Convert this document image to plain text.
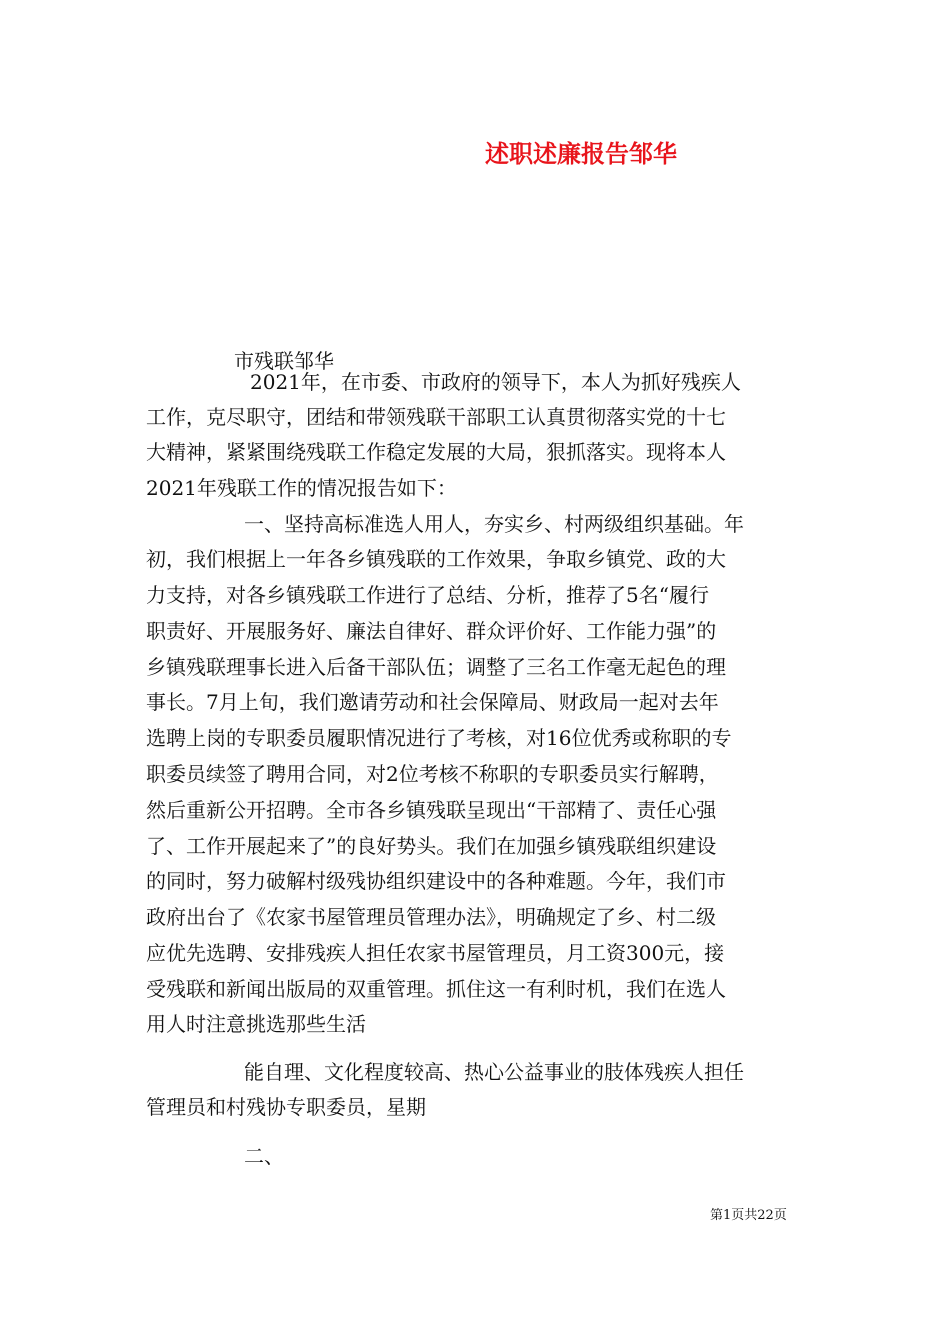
述职述廉报告邹华
市残联邹华
2021年，在市委、市政府的领导下，本人为抓好残疾人
工作，克尽职守，团结和带领残联干部职工认真贯彻落实党的十七
大精神，紧紧围绕残联工作稳定发展的大局，狠抓落实。现将本人
2021年残联工作的情况报告如下：
一、坚持高标准选人用人，夯实乡、村两级组织基础。年
初，我们根据上一年各乡镇残联的工作效果，争取乡镇党、政的大
力支持，对各乡镇残联工作进行了总结、分析，推荐了5名“履行
职责好、开展服务好、廉法自律好、群众评价好、工作能力强”的
乡镇残联理事长进入后备干部队伍；调整了三名工作毫无起色的理
事长。7月上旬，我们邀请劳动和社会保障局、财政局一起对去年
选聘上岗的专职委员履职情况进行了考核，对16位优秀或称职的专
职委员续签了聘用合同，对2位考核不称职的专职委员实行解聘，
然后重新公开招聘。全市各乡镇残联呈现出“干部精了、责任心强
了、工作开展起来了”的良好势头。我们在加强乡镇残联组织建设
的同时，努力破解村级残协组织建设中的各种难题。今年，我们市
政府出台了《农家书屋管理员管理办法》，明确规定了乡、村二级
应优先选聘、安排残疾人担任农家书屋管理员，月工资300元，接
受残联和新闻出版局的双重管理。抓住这一有利时机，我们在选人
用人时注意挑选那些生活
能自理、文化程度较高、热心公益事业的肢体残疾人担任
管理员和村残协专职委员，星期
二、
第1页共22页
